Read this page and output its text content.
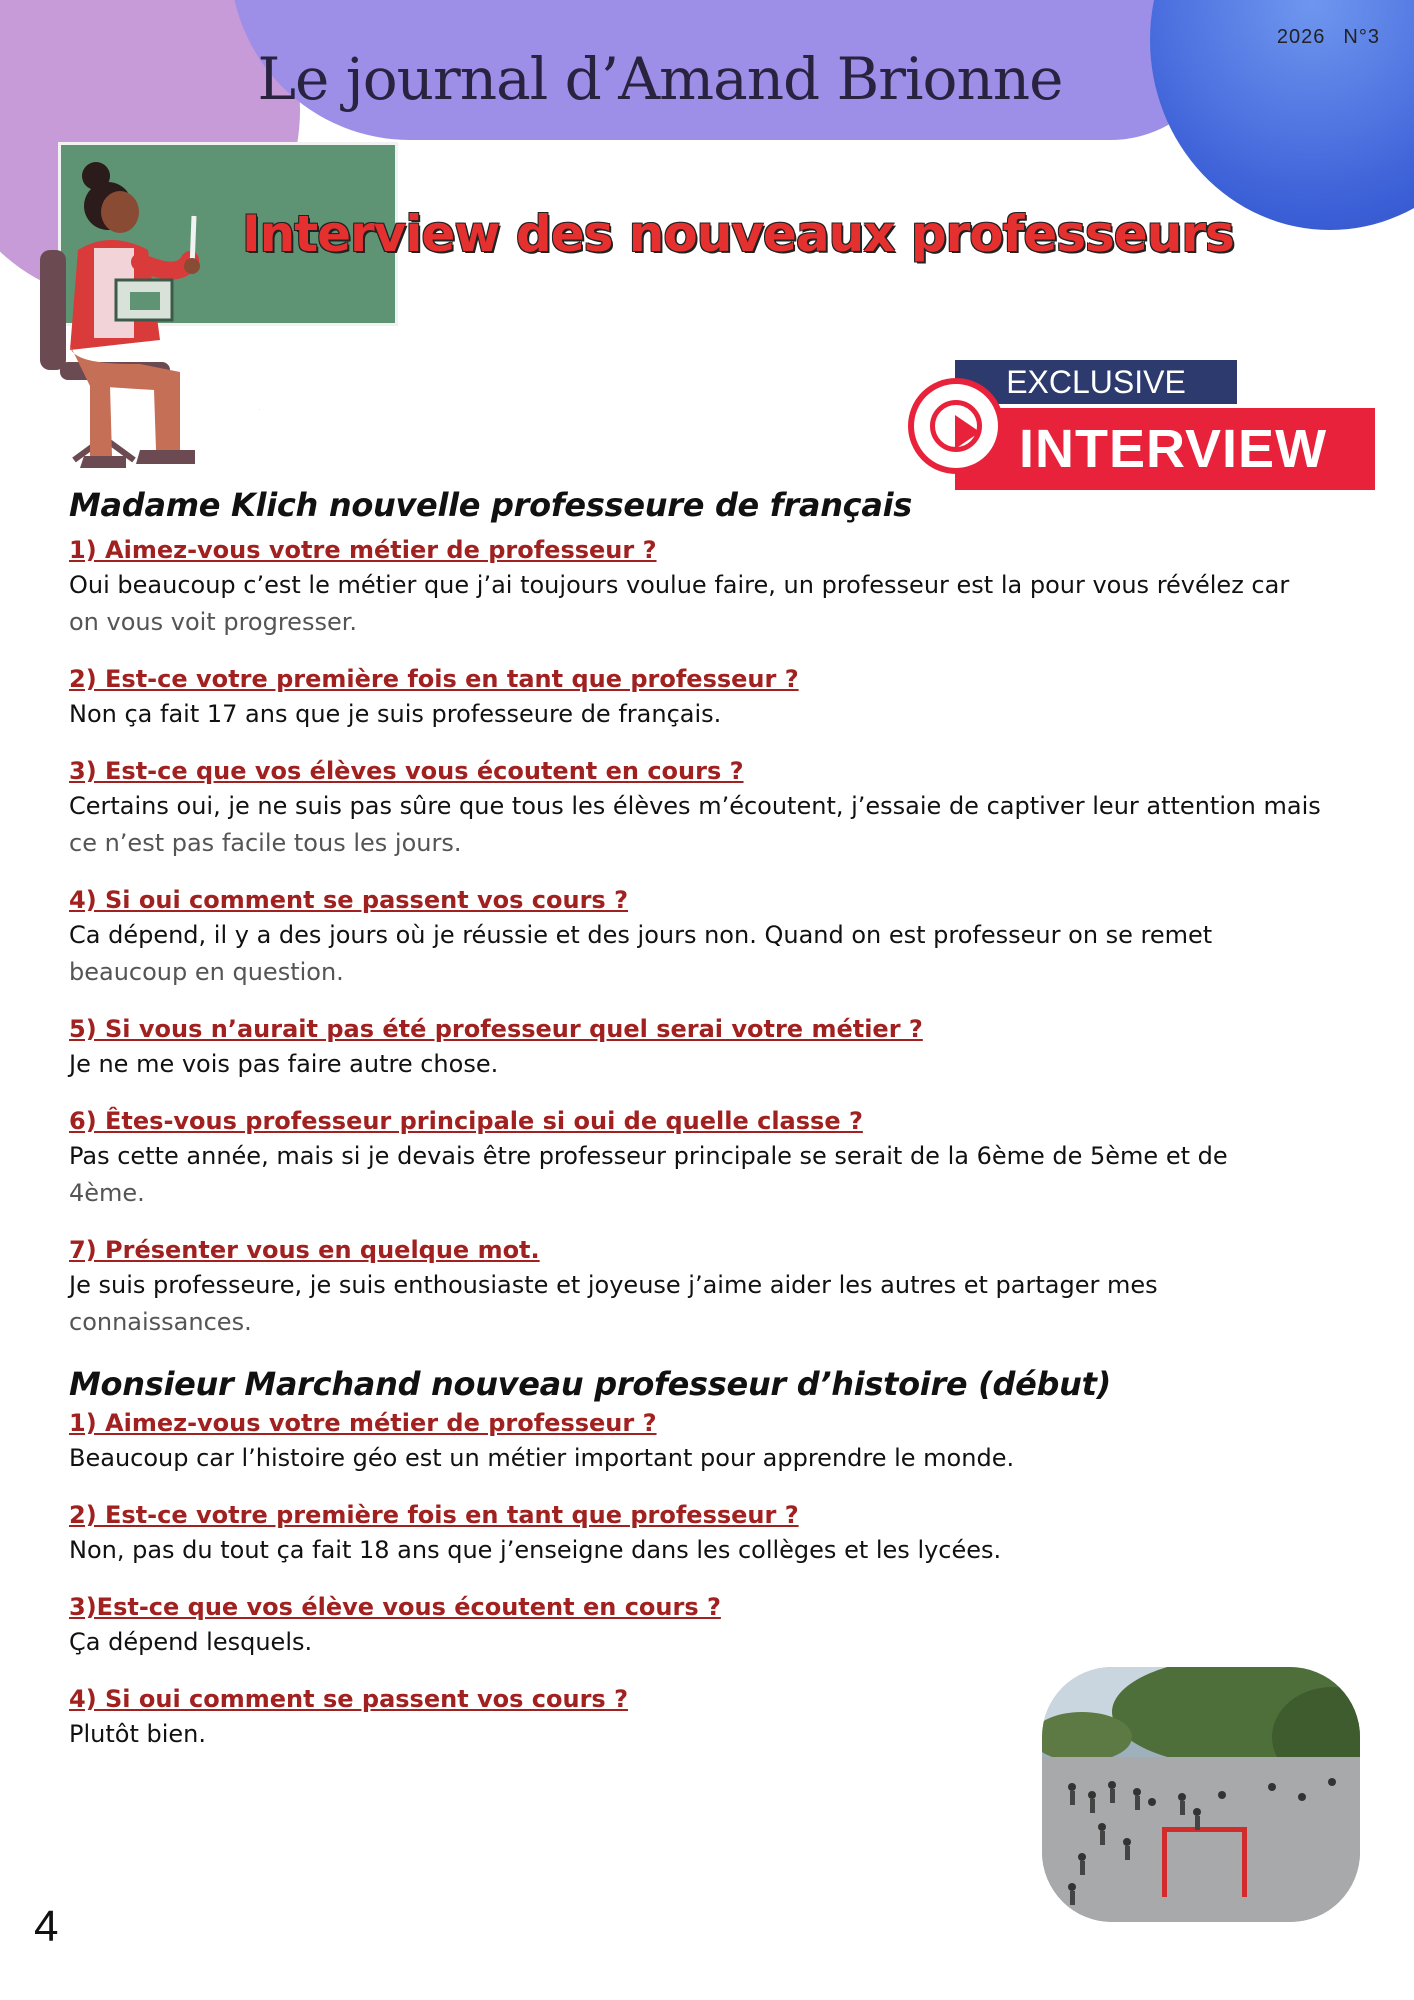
Le journal d’Amand Brionne
2026 N°3
Interview des nouveaux professeurs
EXCLUSIVE
INTERVIEW
Madame Klich nouvelle professeure de français
1) Aimez-vous votre métier de professeur ?
Oui beaucoup c’est le métier que j’ai toujours voulue faire, un professeur est la pour vous révélez car
on vous voit progresser.
2) Est-ce votre première fois en tant que professeur ?
Non ça fait 17 ans que je suis professeure de français.
3) Est-ce que vos élèves vous écoutent en cours ?
Certains oui, je ne suis pas sûre que tous les élèves m’écoutent, j’essaie de captiver leur attention mais
ce n’est pas facile tous les jours.
4) Si oui comment se passent vos cours ?
Ca dépend, il y a des jours où je réussie et des jours non. Quand on est professeur on se remet
beaucoup en question.
5) Si vous n’aurait pas été professeur quel serai votre métier ?
Je ne me vois pas faire autre chose.
6) Êtes-vous professeur principale si oui de quelle classe ?
Pas cette année, mais si je devais être professeur principale se serait de la 6ème de 5ème et de
4ème.
7) Présenter vous en quelque mot.
Je suis professeure, je suis enthousiaste et joyeuse j’aime aider les autres et partager mes
connaissances.
Monsieur Marchand nouveau professeur d’histoire (début)
1) Aimez-vous votre métier de professeur ?
Beaucoup car l’histoire géo est un métier important pour apprendre le monde.
2) Est-ce votre première fois en tant que professeur ?
Non, pas du tout ça fait 18 ans que j’enseigne dans les collèges et les lycées.
3)Est-ce que vos élève vous écoutent en cours ?
Ça dépend lesquels.
4) Si oui comment se passent vos cours ?
Plutôt bien.
4
